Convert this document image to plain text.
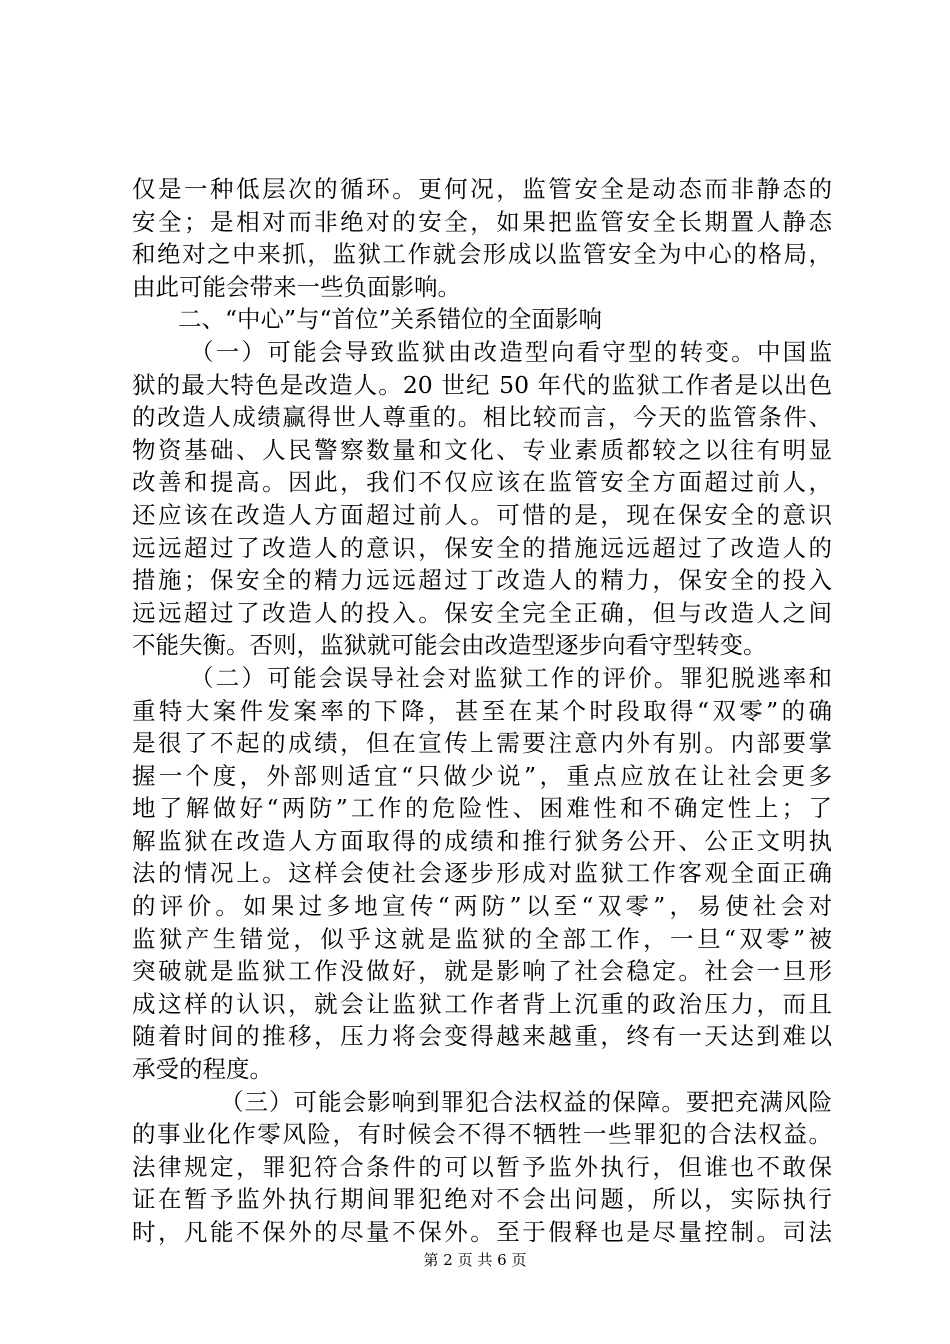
仅是一种低层次的循环。更何况，监管安全是动态而非静态的
安全；是相对而非绝对的安全，如果把监管安全长期置人静态
和绝对之中来抓，监狱工作就会形成以监管安全为中心的格局，
由此可能会带来一些负面影响。
二、“中心”与“首位”关系错位的全面影响
（一）可能会导致监狱由改造型向看守型的转变。中国监
狱的最大特色是改造人。20 世纪 50 年代的监狱工作者是以出色
的改造人成绩赢得世人尊重的。相比较而言，今天的监管条件、
物资基础、人民警察数量和文化、专业素质都较之以往有明显
改善和提高。因此，我们不仅应该在监管安全方面超过前人，
还应该在改造人方面超过前人。可惜的是，现在保安全的意识
远远超过了改造人的意识，保安全的措施远远超过了改造人的
措施；保安全的精力远远超过丁改造人的精力，保安全的投入
远远超过了改造人的投入。保安全完全正确，但与改造人之间
不能失衡。否则，监狱就可能会由改造型逐步向看守型转变。
（二）可能会误导社会对监狱工作的评价。罪犯脱逃率和
重特大案件发案率的下降，甚至在某个时段取得“双零”的确
是很了不起的成绩，但在宣传上需要注意内外有别。内部要掌
握一个度，外部则适宜“只做少说”，重点应放在让社会更多
地了解做好“两防”工作的危险性、困难性和不确定性上；了
解监狱在改造人方面取得的成绩和推行狱务公开、公正文明执
法的情况上。这样会使社会逐步形成对监狱工作客观全面正确
的评价。如果过多地宣传“两防”以至“双零”，易使社会对
监狱产生错觉，似乎这就是监狱的全部工作，一旦“双零”被
突破就是监狱工作没做好，就是影响了社会稳定。社会一旦形
成这样的认识，就会让监狱工作者背上沉重的政治压力，而且
随着时间的推移，压力将会变得越来越重，终有一天达到难以
承受的程度。
（三）可能会影响到罪犯合法权益的保障。要把充满风险
的事业化作零风险，有时候会不得不牺牲一些罪犯的合法权益。
法律规定，罪犯符合条件的可以暂予监外执行，但谁也不敢保
证在暂予监外执行期间罪犯绝对不会出问题，所以，实际执行
时，凡能不保外的尽量不保外。至于假释也是尽量控制。司法
第 2 页 共 6 页
